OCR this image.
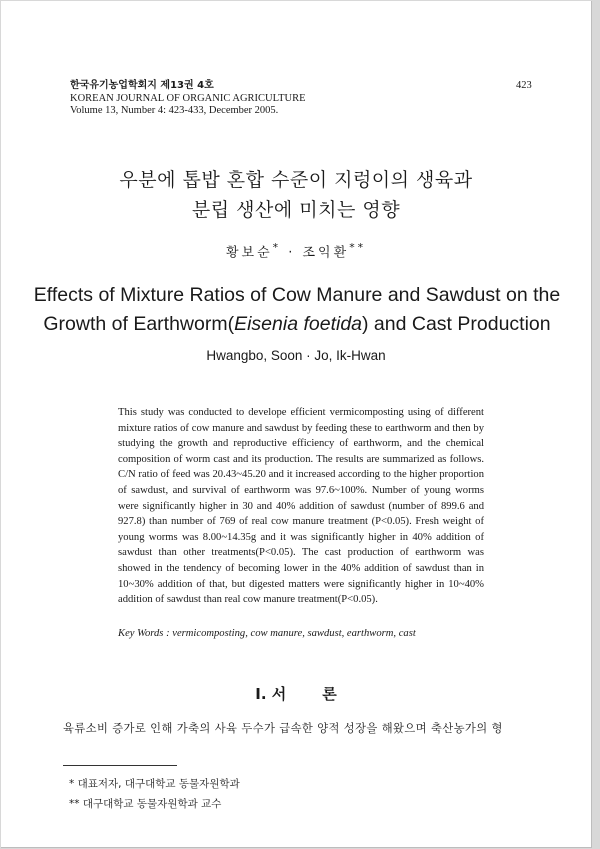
한국유기농업학회지 제13권 4호
KOREAN JOURNAL OF ORGANIC AGRICULTURE
Volume 13, Number 4: 423-433, December 2005.
423
우분에 톱밥 혼합 수준이 지렁이의 생육과
분립 생산에 미치는 영향
황보순* · 조익환**
Effects of Mixture Ratios of Cow Manure and Sawdust on the
Growth of Earthworm(Eisenia foetida) and Cast Production
Hwangbo, Soon · Jo, Ik-Hwan
This study was conducted to develope efficient vermicomposting using of different mixture ratios of cow manure and sawdust by feeding these to earthworm and then by studying the growth and reproductive efficiency of earthworm, and the chemical composition of worm cast and its production. The results are summarized as follows. C/N ratio of feed was 20.43~45.20 and it increased according to the higher proportion of sawdust, and survival of earthworm was 97.6~100%. Number of young worms were significantly higher in 30 and 40% addition of sawdust (number of 899.6 and 927.8) than number of 769 of real cow manure treatment (P<0.05). Fresh weight of young worms was 8.00~14.35g and it was significantly higher in 40% addition of sawdust than other treatments(P<0.05). The cast production of earthworm was showed in the tendency of becoming lower in the 40% addition of sawdust than in 10~30% addition of that, but digested matters were significantly higher in 10~40% addition of sawdust than real cow manure treatment(P<0.05).
Key Words : vermicomposting, cow manure, sawdust, earthworm, cast
Ⅰ. 서 론
육류소비 증가로 인해 가축의 사육 두수가 급속한 양적 성장을 해왔으며 축산농가의 형
* 대표저자, 대구대학교 동물자원학과
** 대구대학교 동물자원학과 교수
